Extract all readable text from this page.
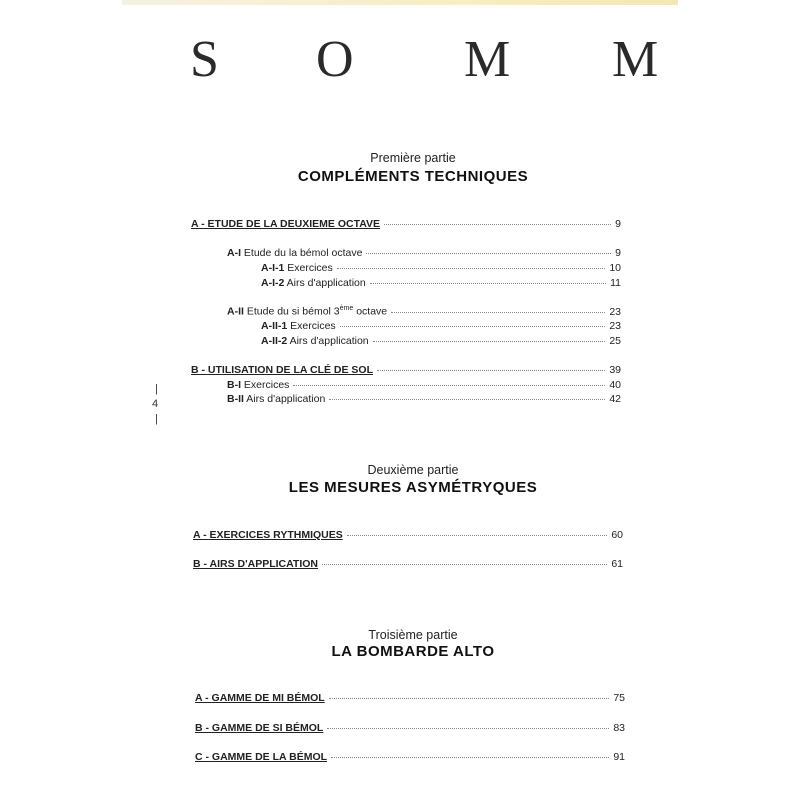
S O M M
Première partie
COMPLÉMENTS TECHNIQUES
A - ETUDE DE LA DEUXIEME OCTAVE	9
A-I Etude du la bémol octave	9
A-I-1 Exercices	10
A-I-2 Airs d'application	11
A-II Etude du si bémol 3ème octave	23
A-II-1 Exercices	23
A-II-2 Airs d'application	25
B - UTILISATION DE LA CLÉ DE SOL	39
B-I Exercices	40
B-II Airs d'application	42
|
4
|
Deuxième partie
LES MESURES ASYMÉTRYQUES
A - EXERCICES RYTHMIQUES	60
B - AIRS D'APPLICATION	61
Troisième partie
LA BOMBARDE ALTO
A - GAMME DE MI BÉMOL	75
B - GAMME DE SI BÉMOL	83
C - GAMME DE LA BÉMOL	91
